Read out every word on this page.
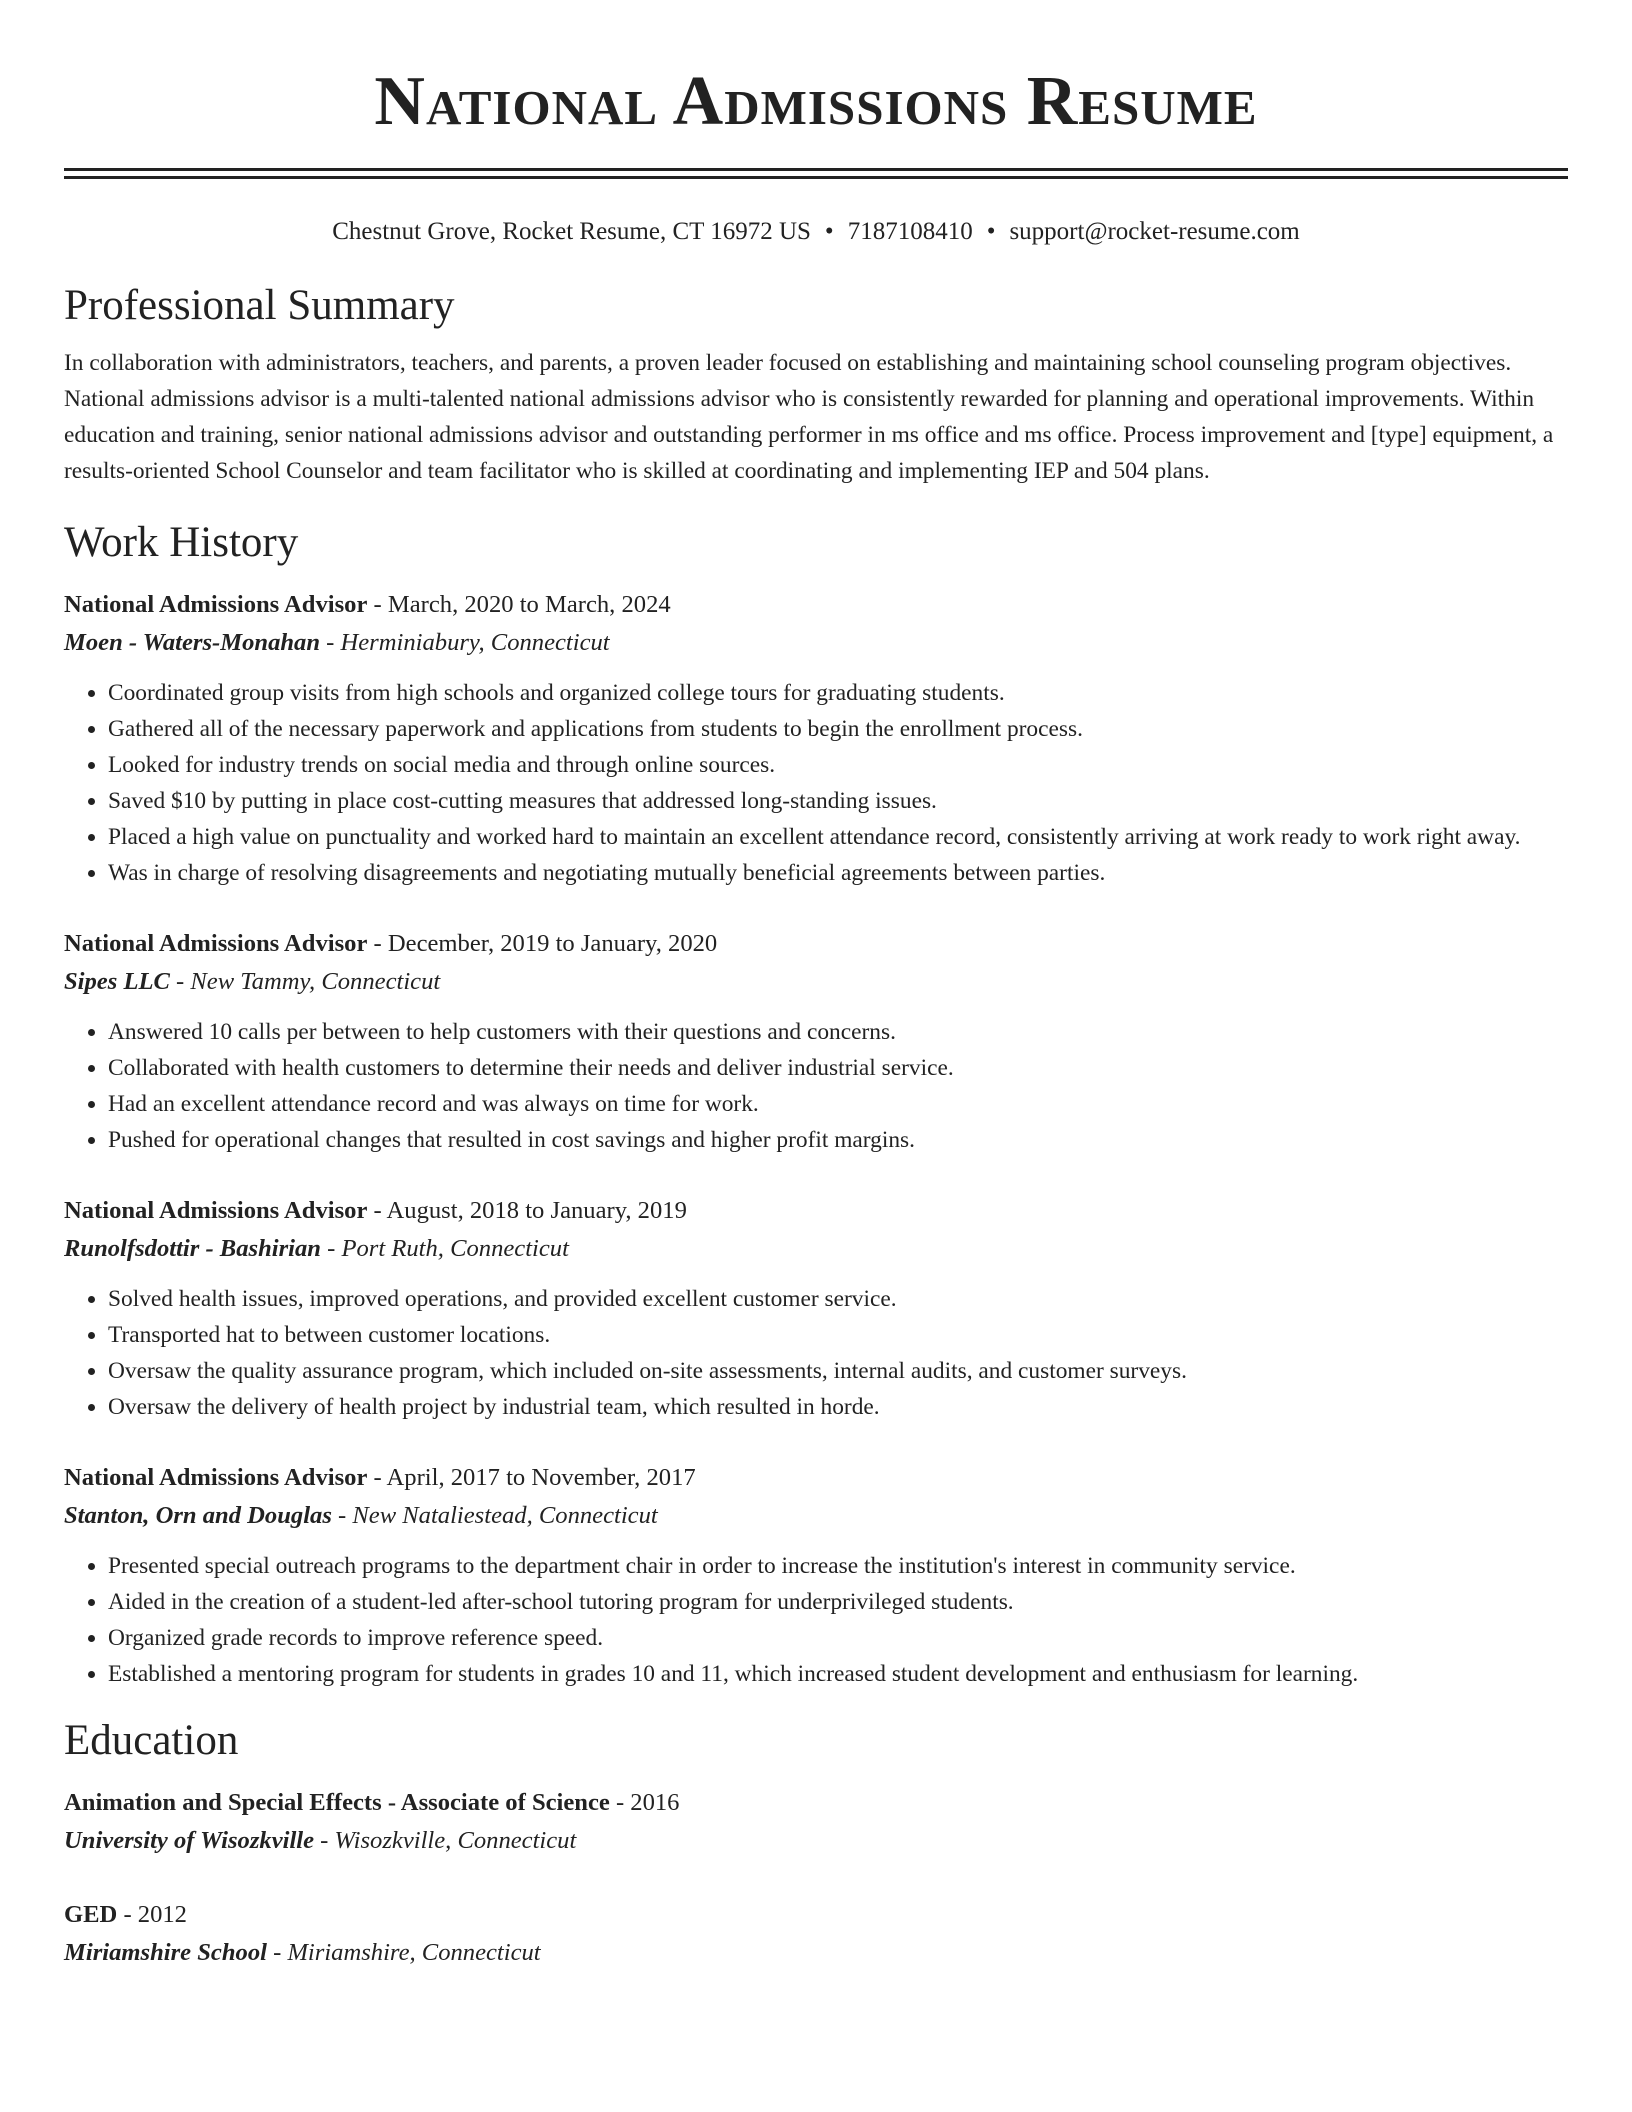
National Admissions Resume
Chestnut Grove, Rocket Resume, CT 16972 US • 7187108410 • support@rocket-resume.com
Professional Summary
In collaboration with administrators, teachers, and parents, a proven leader focused on establishing and maintaining school counseling program objectives. National admissions advisor is a multi-talented national admissions advisor who is consistently rewarded for planning and operational improvements. Within education and training, senior national admissions advisor and outstanding performer in ms office and ms office. Process improvement and [type] equipment, a results-oriented School Counselor and team facilitator who is skilled at coordinating and implementing IEP and 504 plans.
Work History
National Admissions Advisor - March, 2020 to March, 2024
Moen - Waters-Monahan - Herminiabury, Connecticut
• Coordinated group visits from high schools and organized college tours for graduating students.
• Gathered all of the necessary paperwork and applications from students to begin the enrollment process.
• Looked for industry trends on social media and through online sources.
• Saved $10 by putting in place cost-cutting measures that addressed long-standing issues.
• Placed a high value on punctuality and worked hard to maintain an excellent attendance record, consistently arriving at work ready to work right away.
• Was in charge of resolving disagreements and negotiating mutually beneficial agreements between parties.
National Admissions Advisor - December, 2019 to January, 2020
Sipes LLC - New Tammy, Connecticut
• Answered 10 calls per between to help customers with their questions and concerns.
• Collaborated with health customers to determine their needs and deliver industrial service.
• Had an excellent attendance record and was always on time for work.
• Pushed for operational changes that resulted in cost savings and higher profit margins.
National Admissions Advisor - August, 2018 to January, 2019
Runolfsdottir - Bashirian - Port Ruth, Connecticut
• Solved health issues, improved operations, and provided excellent customer service.
• Transported hat to between customer locations.
• Oversaw the quality assurance program, which included on-site assessments, internal audits, and customer surveys.
• Oversaw the delivery of health project by industrial team, which resulted in horde.
National Admissions Advisor - April, 2017 to November, 2017
Stanton, Orn and Douglas - New Nataliestead, Connecticut
• Presented special outreach programs to the department chair in order to increase the institution's interest in community service.
• Aided in the creation of a student-led after-school tutoring program for underprivileged students.
• Organized grade records to improve reference speed.
• Established a mentoring program for students in grades 10 and 11, which increased student development and enthusiasm for learning.
Education
Animation and Special Effects - Associate of Science - 2016
University of Wisozkville - Wisozkville, Connecticut
GED - 2012
Miriamshire School - Miriamshire, Connecticut
